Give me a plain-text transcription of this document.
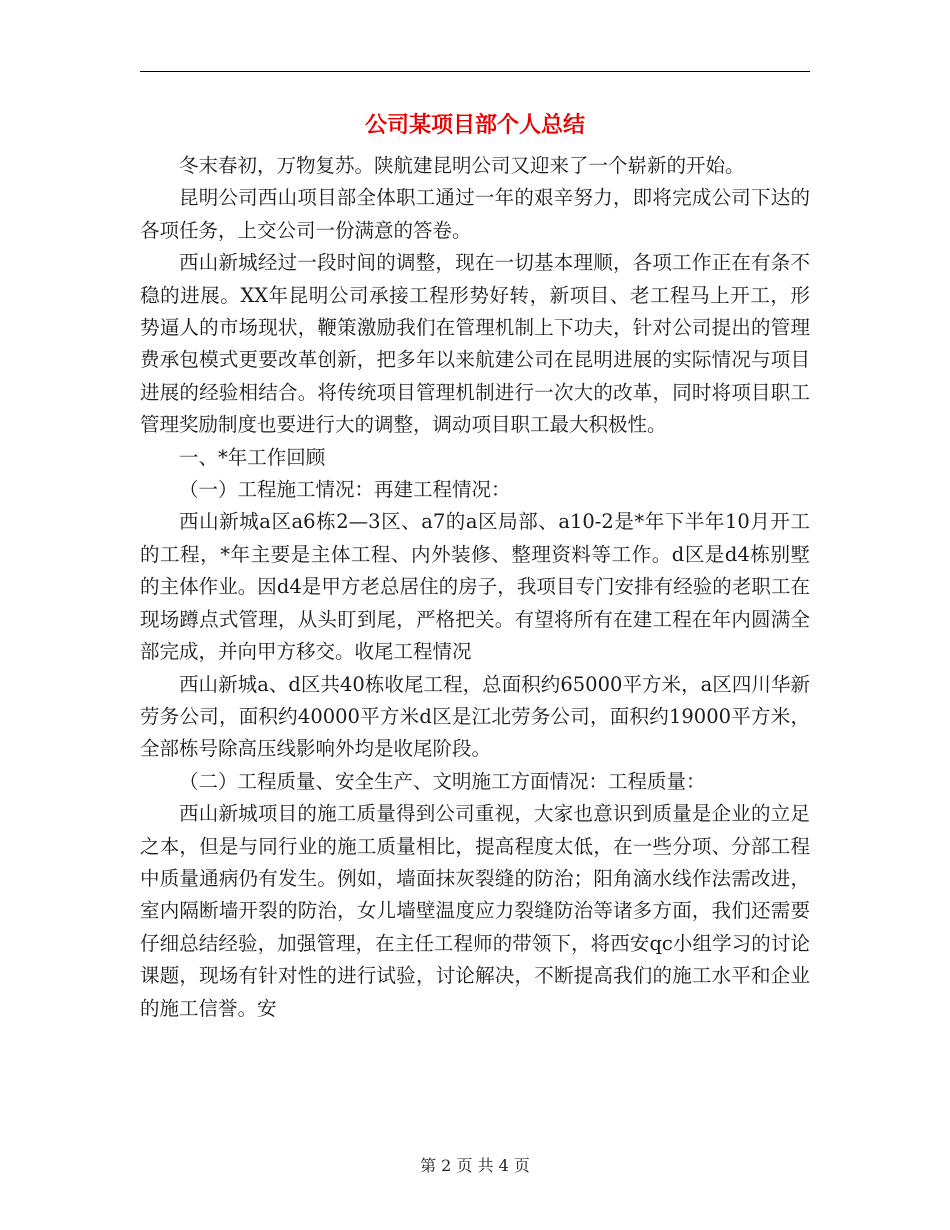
公司某项目部个人总结

冬末春初，万物复苏。陕航建昆明公司又迎来了一个崭新的开始。

昆明公司西山项目部全体职工通过一年的艰辛努力，即将完成公司下达的各项任务，上交公司一份满意的答卷。

西山新城经过一段时间的调整，现在一切基本理顺，各项工作正在有条不稳的进展。XX年昆明公司承接工程形势好转，新项目、老工程马上开工，形势逼人的市场现状，鞭策激励我们在管理机制上下功夫，针对公司提出的管理费承包模式更要改革创新，把多年以来航建公司在昆明进展的实际情况与项目进展的经验相结合。将传统项目管理机制进行一次大的改革，同时将项目职工管理奖励制度也要进行大的调整，调动项目职工最大积极性。

一、*年工作回顾

（一）工程施工情况：再建工程情况：

西山新城a区a6栋2—3区、a7的a区局部、a10-2是*年下半年10月开工的工程，*年主要是主体工程、内外装修、整理资料等工作。d区是d4栋别墅的主体作业。因d4是甲方老总居住的房子，我项目专门安排有经验的老职工在现场蹲点式管理，从头盯到尾，严格把关。有望将所有在建工程在年内圆满全部完成，并向甲方移交。收尾工程情况

西山新城a、d区共40栋收尾工程，总面积约65000平方米，a区四川华新劳务公司，面积约40000平方米d区是江北劳务公司，面积约19000平方米，全部栋号除高压线影响外均是收尾阶段。

（二）工程质量、安全生产、文明施工方面情况：工程质量：

西山新城项目的施工质量得到公司重视，大家也意识到质量是企业的立足之本，但是与同行业的施工质量相比，提高程度太低，在一些分项、分部工程中质量通病仍有发生。例如，墙面抹灰裂缝的防治；阳角滴水线作法需改进，室内隔断墙开裂的防治，女儿墙壁温度应力裂缝防治等诸多方面，我们还需要仔细总结经验，加强管理，在主任工程师的带领下，将西安qc小组学习的讨论课题，现场有针对性的进行试验，讨论解决，不断提高我们的施工水平和企业的施工信誉。安

第 2 页 共 4 页
